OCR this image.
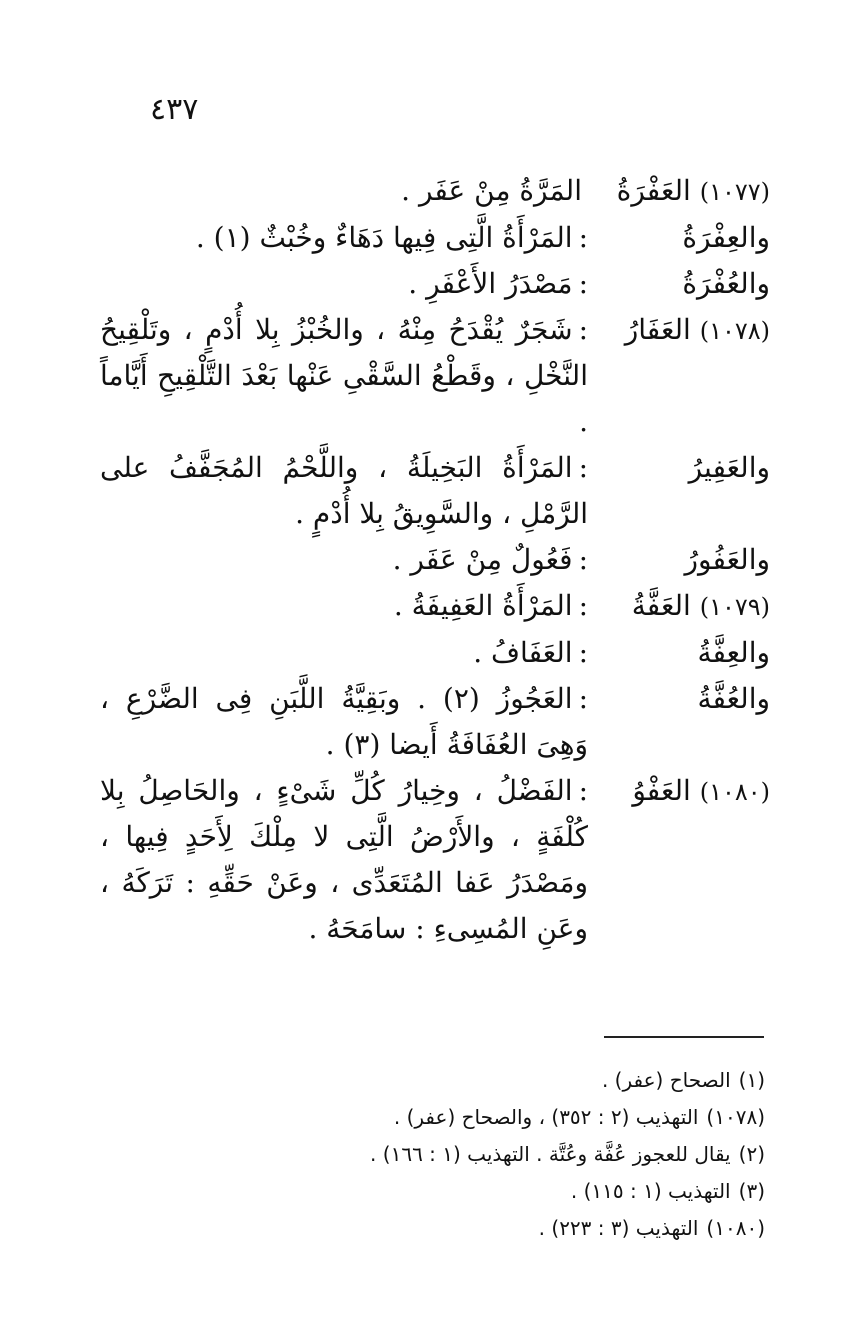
٤٣٧
(١٠٧٧) العَفْرَةُ
المَرَّةُ مِنْ عَفَر .
والعِفْرَةُ
:المَرْأَةُ الَّتِى فِيها دَهَاءٌ وخُبْثٌ (١) .
والعُفْرَةُ
:مَصْدَرُ الأَعْفَرِ .
(١٠٧٨) العَفَارُ
:شَجَرٌ يُقْدَحُ مِنْهُ ، والخُبْزُ بِلا أُدْمٍ ، وتَلْقِيحُ النَّخْلِ ، وقَطْعُ السَّقْىِ عَنْها بَعْدَ التَّلْقِيحِ أَيَّاماً .
والعَفِيرُ
:المَرْأَةُ البَخِيلَةُ ، واللَّحْمُ المُجَفَّفُ على الرَّمْلِ ، والسَّوِيقُ بِلا أُدْمٍ .
والعَفُورُ
:فَعُولٌ مِنْ عَفَر .
(١٠٧٩) العَفَّةُ
:المَرْأَةُ العَفِيفَةُ .
والعِفَّةُ
:العَفَافُ .
والعُفَّةُ
:العَجُوزُ (٢) . وبَقِيَّةُ اللَّبَنِ فِى الضَّرْعِ ، وَهِىَ العُفَافَةُ أَيضا (٣) .
(١٠٨٠) العَفْوُ
:الفَضْلُ ، وخِيارُ كُلِّ شَىْءٍ ، والحَاصِلُ بِلا كُلْفَةٍ ، والأَرْضُ الَّتِى لا مِلْكَ لِأَحَدٍ فِيها ، ومَصْدَرُ عَفا المُتَعَدِّى ، وعَنْ حَقِّهِ : تَرَكَهُ ، وعَنِ المُسِىءِ : سامَحَهُ .
(١)الصحاح (عفر) .
(١٠٧٨)التهذيب (٢ : ٣٥٢) ، والصحاح (عفر) .
(٢)يقال للعجوز عُفَّة وعُتَّة . التهذيب (١ : ١٦٦) .
(٣)التهذيب (١ : ١١٥) .
(١٠٨٠)التهذيب (٣ : ٢٢٣) .
